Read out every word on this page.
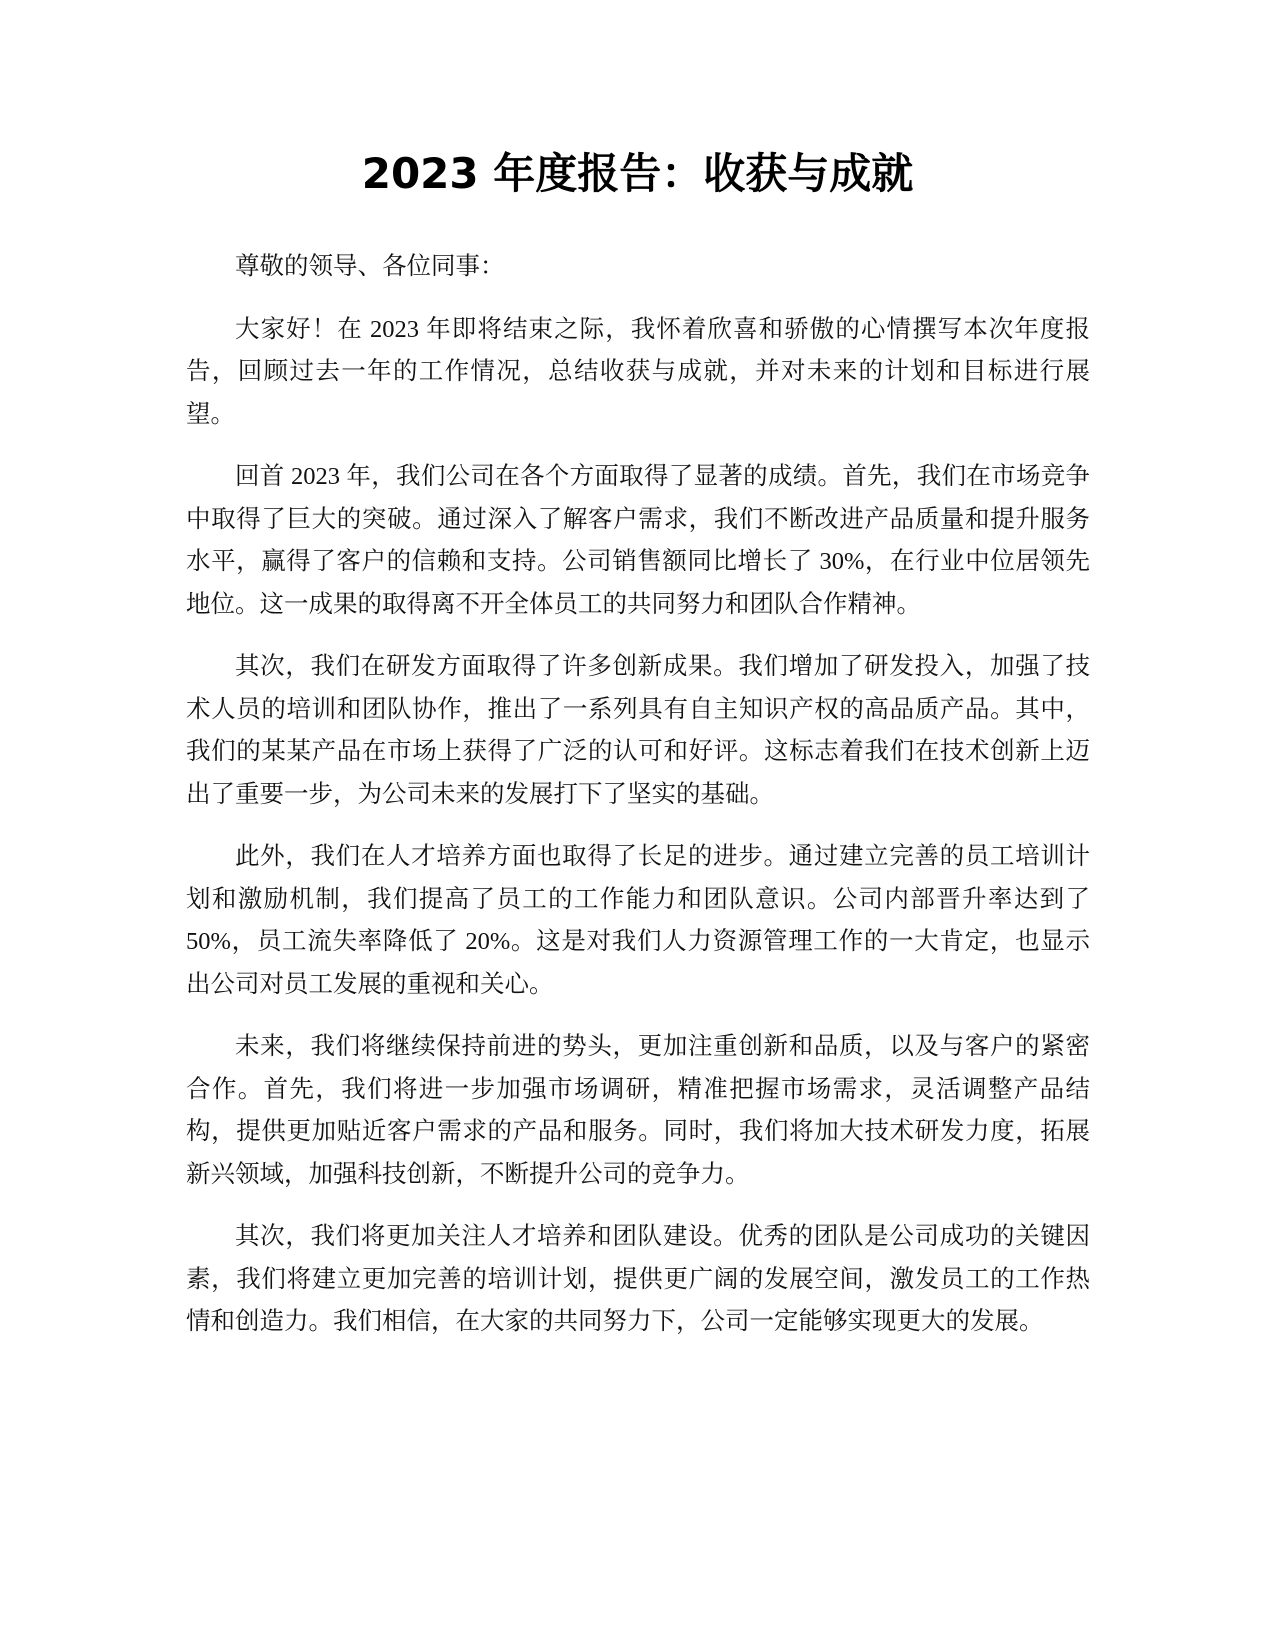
2023 年度报告：收获与成就

尊敬的领导、各位同事：

大家好！在 2023 年即将结束之际，我怀着欣喜和骄傲的心情撰写本次年度报告，回顾过去一年的工作情况，总结收获与成就，并对未来的计划和目标进行展望。

回首 2023 年，我们公司在各个方面取得了显著的成绩。首先，我们在市场竞争中取得了巨大的突破。通过深入了解客户需求，我们不断改进产品质量和提升服务水平，赢得了客户的信赖和支持。公司销售额同比增长了 30%，在行业中位居领先地位。这一成果的取得离不开全体员工的共同努力和团队合作精神。

其次，我们在研发方面取得了许多创新成果。我们增加了研发投入，加强了技术人员的培训和团队协作，推出了一系列具有自主知识产权的高品质产品。其中，我们的某某产品在市场上获得了广泛的认可和好评。这标志着我们在技术创新上迈出了重要一步，为公司未来的发展打下了坚实的基础。

此外，我们在人才培养方面也取得了长足的进步。通过建立完善的员工培训计划和激励机制，我们提高了员工的工作能力和团队意识。公司内部晋升率达到了 50%，员工流失率降低了 20%。这是对我们人力资源管理工作的一大肯定，也显示出公司对员工发展的重视和关心。

未来，我们将继续保持前进的势头，更加注重创新和品质，以及与客户的紧密合作。首先，我们将进一步加强市场调研，精准把握市场需求，灵活调整产品结构，提供更加贴近客户需求的产品和服务。同时，我们将加大技术研发力度，拓展新兴领域，加强科技创新，不断提升公司的竞争力。

其次，我们将更加关注人才培养和团队建设。优秀的团队是公司成功的关键因素，我们将建立更加完善的培训计划，提供更广阔的发展空间，激发员工的工作热情和创造力。我们相信，在大家的共同努力下，公司一定能够实现更大的发展。
